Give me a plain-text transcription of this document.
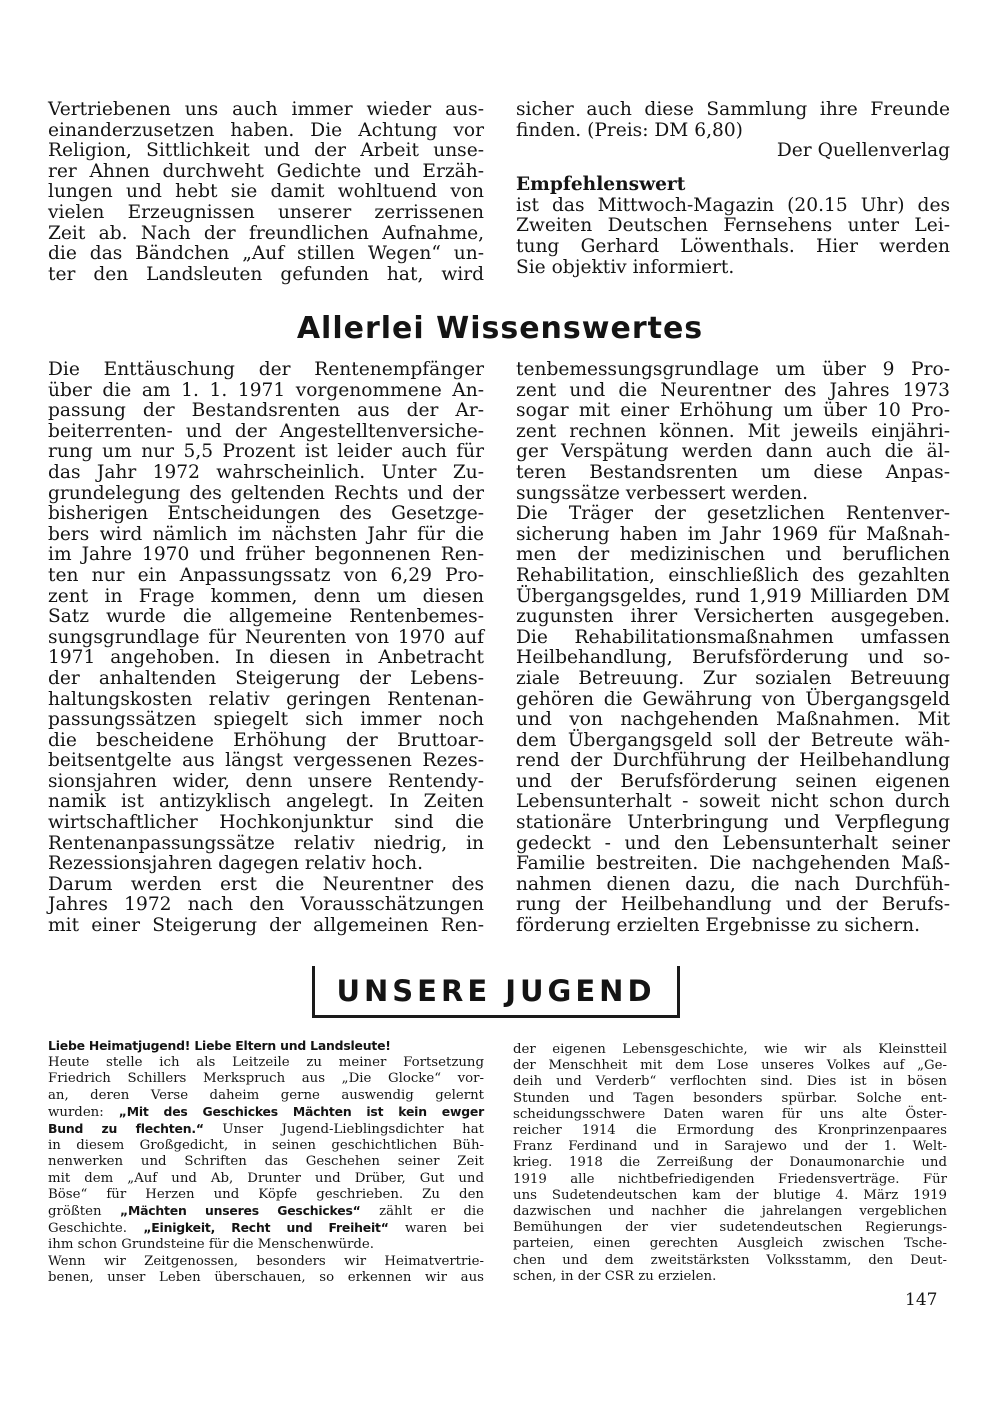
Vertriebenen uns auch immer wieder aus-
einanderzusetzen haben. Die Achtung vor
Religion, Sittlichkeit und der Arbeit unse-
rer Ahnen durchweht Gedichte und Erzäh-
lungen und hebt sie damit wohltuend von
vielen Erzeugnissen unserer zerrissenen
Zeit ab. Nach der freundlichen Aufnahme,
die das Bändchen „Auf stillen Wegen“ un-
ter den Landsleuten gefunden hat, wird
sicher auch diese Sammlung ihre Freunde
finden. (Preis: DM 6,80)
Der Quellenverlag
Empfehlenswert
ist das Mittwoch-Magazin (20.15 Uhr) des
Zweiten Deutschen Fernsehens unter Lei-
tung Gerhard Löwenthals. Hier werden
Sie objektiv informiert.
Allerlei Wissenswertes
Die Enttäuschung der Rentenempfänger
über die am 1. 1. 1971 vorgenommene An-
passung der Bestandsrenten aus der Ar-
beiterrenten- und der Angestelltenversiche-
rung um nur 5,5 Prozent ist leider auch für
das Jahr 1972 wahrscheinlich. Unter Zu-
grundelegung des geltenden Rechts und der
bisherigen Entscheidungen des Gesetzge-
bers wird nämlich im nächsten Jahr für die
im Jahre 1970 und früher begonnenen Ren-
ten nur ein Anpassungssatz von 6,29 Pro-
zent in Frage kommen, denn um diesen
Satz wurde die allgemeine Rentenbemes-
sungsgrundlage für Neurenten von 1970 auf
1971 angehoben. In diesen in Anbetracht
der anhaltenden Steigerung der Lebens-
haltungskosten relativ geringen Rentenan-
passungssätzen spiegelt sich immer noch
die bescheidene Erhöhung der Bruttoar-
beitsentgelte aus längst vergessenen Rezes-
sionsjahren wider, denn unsere Rentendy-
namik ist antizyklisch angelegt. In Zeiten
wirtschaftlicher Hochkonjunktur sind die
Rentenanpassungssätze relativ niedrig, in
Rezessionsjahren dagegen relativ hoch.
Darum werden erst die Neurentner des
Jahres 1972 nach den Vorausschätzungen
mit einer Steigerung der allgemeinen Ren-
tenbemessungsgrundlage um über 9 Pro-
zent und die Neurentner des Jahres 1973
sogar mit einer Erhöhung um über 10 Pro-
zent rechnen können. Mit jeweils einjähri-
ger Verspätung werden dann auch die äl-
teren Bestandsrenten um diese Anpas-
sungssätze verbessert werden.
Die Träger der gesetzlichen Rentenver-
sicherung haben im Jahr 1969 für Maßnah-
men der medizinischen und beruflichen
Rehabilitation, einschließlich des gezahlten
Übergangsgeldes, rund 1,919 Milliarden DM
zugunsten ihrer Versicherten ausgegeben.
Die Rehabilitationsmaßnahmen umfassen
Heilbehandlung, Berufsförderung und so-
ziale Betreuung. Zur sozialen Betreuung
gehören die Gewährung von Übergangsgeld
und von nachgehenden Maßnahmen. Mit
dem Übergangsgeld soll der Betreute wäh-
rend der Durchführung der Heilbehandlung
und der Berufsförderung seinen eigenen
Lebensunterhalt - soweit nicht schon durch
stationäre Unterbringung und Verpflegung
gedeckt - und den Lebensunterhalt seiner
Familie bestreiten. Die nachgehenden Maß-
nahmen dienen dazu, die nach Durchfüh-
rung der Heilbehandlung und der Berufs-
förderung erzielten Ergebnisse zu sichern.
UNSERE JUGEND
Liebe Heimatjugend! Liebe Eltern und Landsleute!
Heute stelle ich als Leitzeile zu meiner Fortsetzung
Friedrich Schillers Merkspruch aus „Die Glocke“ vor-
an, deren Verse daheim gerne auswendig gelernt
wurden: „Mit des Geschickes Mächten ist kein ewger
Bund zu flechten.“ Unser Jugend-Lieblingsdichter hat
in diesem Großgedicht, in seinen geschichtlichen Büh-
nenwerken und Schriften das Geschehen seiner Zeit
mit dem „Auf und Ab, Drunter und Drüber, Gut und
Böse“ für Herzen und Köpfe geschrieben. Zu den
größten „Mächten unseres Geschickes“ zählt er die
Geschichte. „Einigkeit, Recht und Freiheit“ waren bei
ihm schon Grundsteine für die Menschenwürde.
Wenn wir Zeitgenossen, besonders wir Heimatvertrie-
benen, unser Leben überschauen, so erkennen wir aus
der eigenen Lebensgeschichte, wie wir als Kleinstteil
der Menschheit mit dem Lose unseres Volkes auf „Ge-
deih und Verderb“ verflochten sind. Dies ist in bösen
Stunden und Tagen besonders spürbar. Solche ent-
scheidungsschwere Daten waren für uns alte Öster-
reicher 1914 die Ermordung des Kronprinzenpaares
Franz Ferdinand und in Sarajewo und der 1. Welt-
krieg. 1918 die Zerreißung der Donaumonarchie und
1919 alle nichtbefriedigenden Friedensverträge. Für
uns Sudetendeutschen kam der blutige 4. März 1919
dazwischen und nachher die jahrelangen vergeblichen
Bemühungen der vier sudetendeutschen Regierungs-
parteien, einen gerechten Ausgleich zwischen Tsche-
chen und dem zweitstärksten Volksstamm, den Deut-
schen, in der CSR zu erzielen.
147
